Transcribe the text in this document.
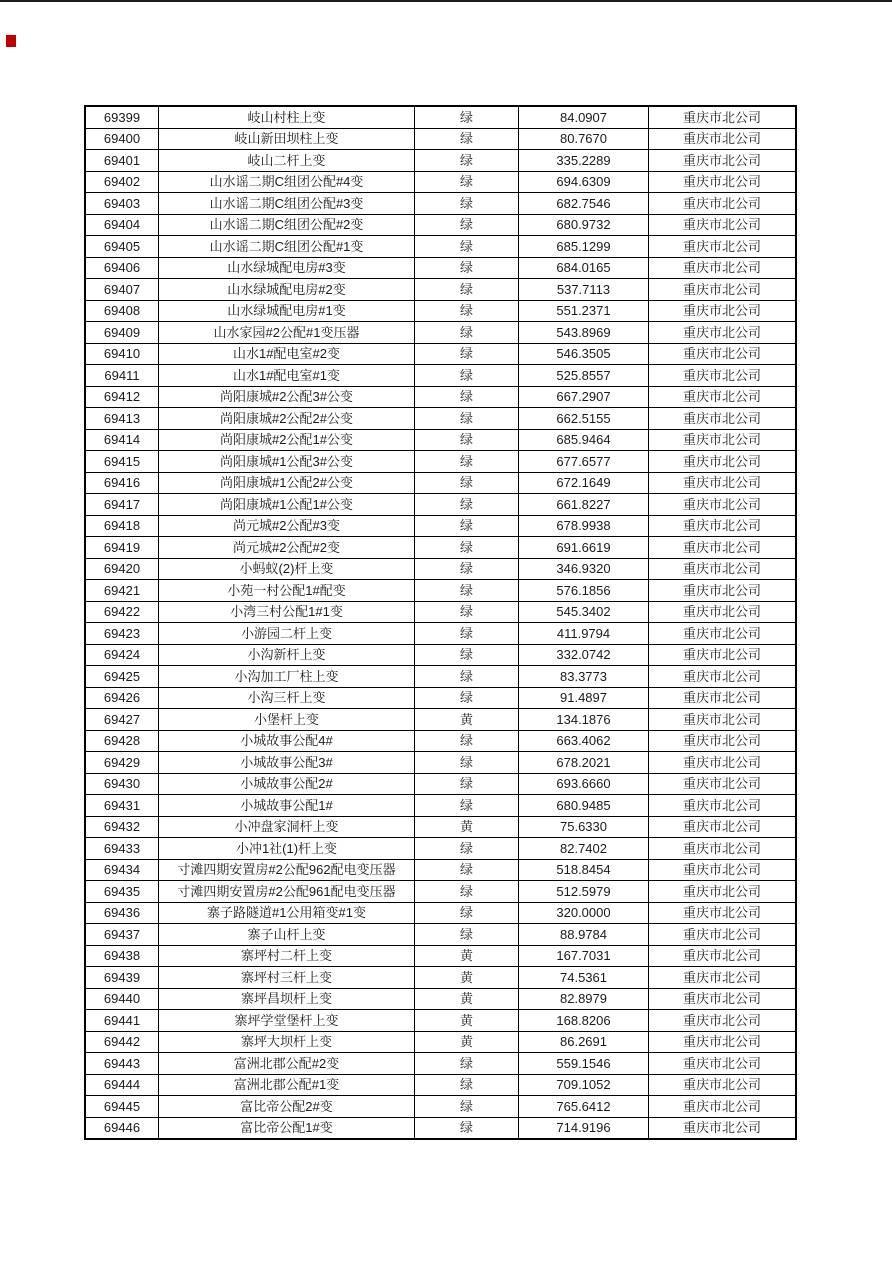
69399	岐山村柱上变	绿	84.0907	重庆市北公司
69400	岐山新田坝柱上变	绿	80.7670	重庆市北公司
69401	岐山二杆上变	绿	335.2289	重庆市北公司
69402	山水谣二期C组团公配#4变	绿	694.6309	重庆市北公司
69403	山水谣二期C组团公配#3变	绿	682.7546	重庆市北公司
69404	山水谣二期C组团公配#2变	绿	680.9732	重庆市北公司
69405	山水谣二期C组团公配#1变	绿	685.1299	重庆市北公司
69406	山水绿城配电房#3变	绿	684.0165	重庆市北公司
69407	山水绿城配电房#2变	绿	537.7113	重庆市北公司
69408	山水绿城配电房#1变	绿	551.2371	重庆市北公司
69409	山水家园#2公配#1变压器	绿	543.8969	重庆市北公司
69410	山水1#配电室#2变	绿	546.3505	重庆市北公司
69411	山水1#配电室#1变	绿	525.8557	重庆市北公司
69412	尚阳康城#2公配3#公变	绿	667.2907	重庆市北公司
69413	尚阳康城#2公配2#公变	绿	662.5155	重庆市北公司
69414	尚阳康城#2公配1#公变	绿	685.9464	重庆市北公司
69415	尚阳康城#1公配3#公变	绿	677.6577	重庆市北公司
69416	尚阳康城#1公配2#公变	绿	672.1649	重庆市北公司
69417	尚阳康城#1公配1#公变	绿	661.8227	重庆市北公司
69418	尚元城#2公配#3变	绿	678.9938	重庆市北公司
69419	尚元城#2公配#2变	绿	691.6619	重庆市北公司
69420	小蚂蚁(2)杆上变	绿	346.9320	重庆市北公司
69421	小苑一村公配1#配变	绿	576.1856	重庆市北公司
69422	小湾三村公配1#1变	绿	545.3402	重庆市北公司
69423	小游园二杆上变	绿	411.9794	重庆市北公司
69424	小沟新杆上变	绿	332.0742	重庆市北公司
69425	小沟加工厂柱上变	绿	83.3773	重庆市北公司
69426	小沟三杆上变	绿	91.4897	重庆市北公司
69427	小堡杆上变	黄	134.1876	重庆市北公司
69428	小城故事公配4#	绿	663.4062	重庆市北公司
69429	小城故事公配3#	绿	678.2021	重庆市北公司
69430	小城故事公配2#	绿	693.6660	重庆市北公司
69431	小城故事公配1#	绿	680.9485	重庆市北公司
69432	小冲盘家洞杆上变	黄	75.6330	重庆市北公司
69433	小冲1社(1)杆上变	绿	82.7402	重庆市北公司
69434	寸滩四期安置房#2公配962配电变压器	绿	518.8454	重庆市北公司
69435	寸滩四期安置房#2公配961配电变压器	绿	512.5979	重庆市北公司
69436	寨子路隧道#1公用箱变#1变	绿	320.0000	重庆市北公司
69437	寨子山杆上变	绿	88.9784	重庆市北公司
69438	寨坪村二杆上变	黄	167.7031	重庆市北公司
69439	寨坪村三杆上变	黄	74.5361	重庆市北公司
69440	寨坪昌坝杆上变	黄	82.8979	重庆市北公司
69441	寨坪学堂堡杆上变	黄	168.8206	重庆市北公司
69442	寨坪大坝杆上变	黄	86.2691	重庆市北公司
69443	富洲北郡公配#2变	绿	559.1546	重庆市北公司
69444	富洲北郡公配#1变	绿	709.1052	重庆市北公司
69445	富比帝公配2#变	绿	765.6412	重庆市北公司
69446	富比帝公配1#变	绿	714.9196	重庆市北公司
